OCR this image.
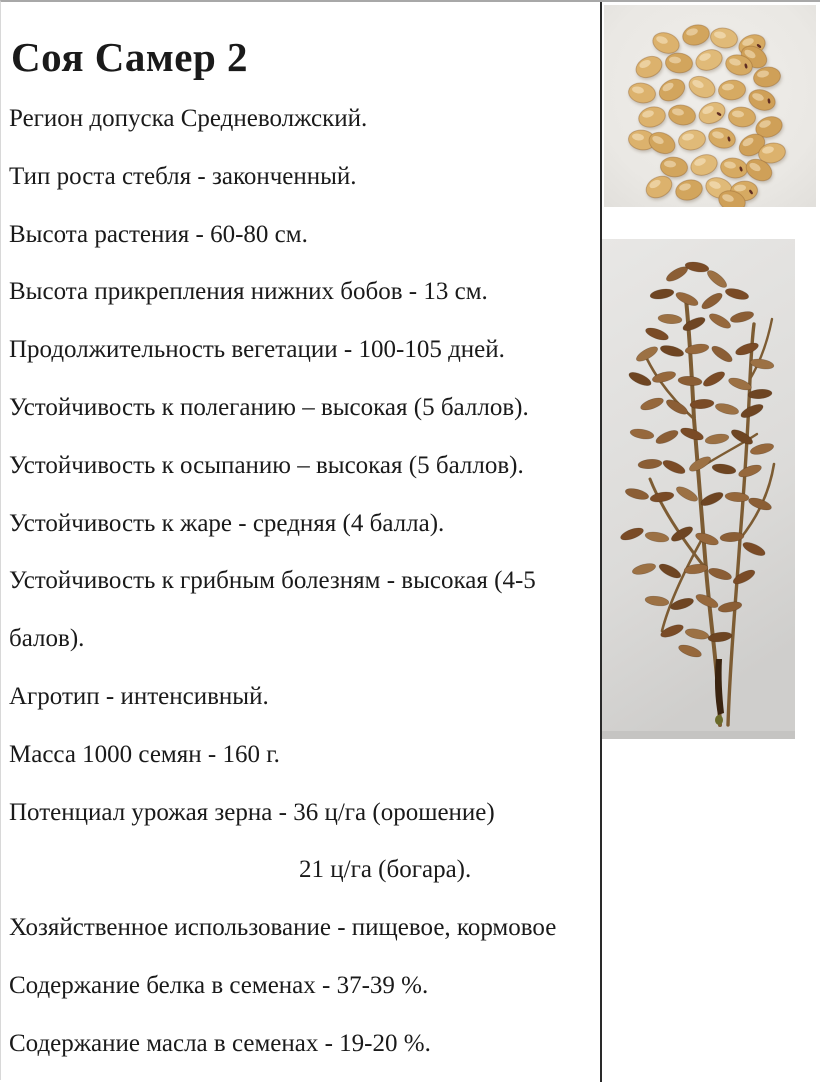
Соя Самер 2
Регион допуска Средневолжский.
Тип роста стебля - законченный.
Высота растения - 60-80 см.
Высота прикрепления нижних бобов - 13 см.
Продолжительность вегетации - 100-105 дней.
Устойчивость к полеганию – высокая (5 баллов).
Устойчивость к осыпанию – высокая (5 баллов).
Устойчивость к жаре - средняя (4 балла).
Устойчивость к грибным болезням - высокая (4-5
балов).
Агротип - интенсивный.
Масса 1000 семян - 160 г.
Потенциал урожая зерна - 36 ц/га (орошение)
21 ц/га (богара).
Хозяйственное использование - пищевое, кормовое
Содержание белка в семенах - 37-39 %.
Содержание масла в семенах - 19-20 %.
